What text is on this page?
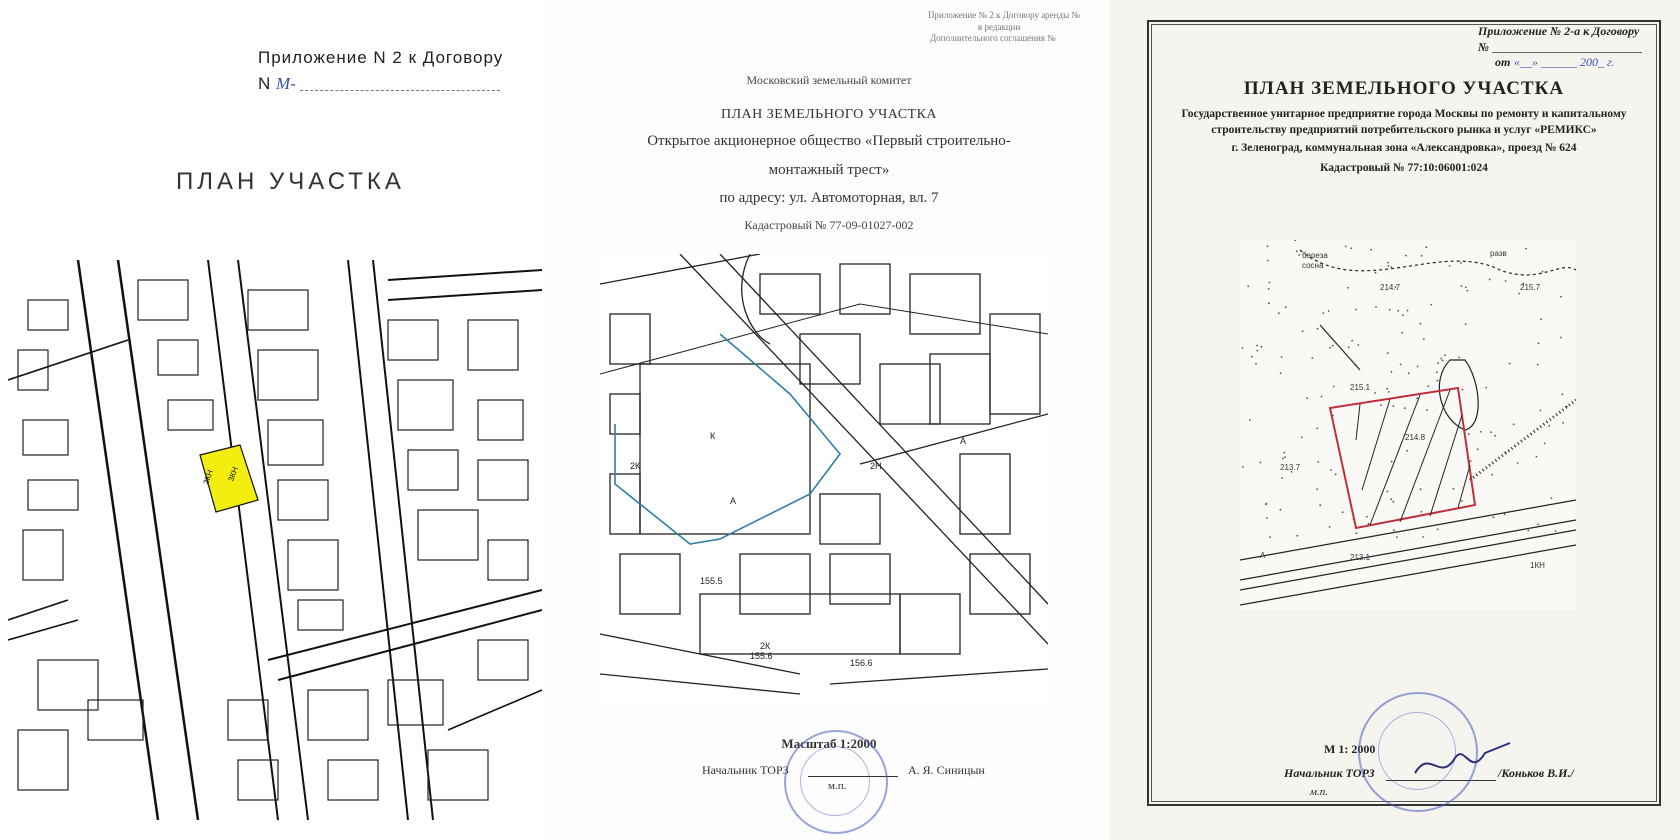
Приложение N 2 к Договору
N М-
ПЛАН УЧАСТКА
3КН 3КН
Приложение № 2 к Договору аренды №
в редакции
Дополнительного соглашения №
Московский земельный комитет
ПЛАН ЗЕМЕЛЬНОГО УЧАСТКА
Открытое акционерное общество «Первый строительно-
монтажный трест»
по адресу: ул. Автомоторная, вл. 7
Кадастровый № 77-09-01027-002
К
2Н
А
А
2К
2К
155.5
155.6
156.6
Масштаб 1:2000
Начальник ТОРЗ	А. Я. Синицын
м.п.
Приложение № 2-а к Договору
№
от «__» ______ 200_ г.
ПЛАН ЗЕМЕЛЬНОГО УЧАСТКА
Государственное унитарное предприятие города Москвы по ремонту и капитальному
строительству предприятий потребительского рынка и услуг «РЕМИКС»
г. Зеленоград, коммунальная зона «Александровка», проезд № 624
Кадастровый № 77:10:06001:024
береза
сосна
разв
215.7
214.7
215.1
214.8
213.7
213.1
А
1КН
М 1: 2000
Начальник ТОРЗ	/Коньков В.И./
м.п.
